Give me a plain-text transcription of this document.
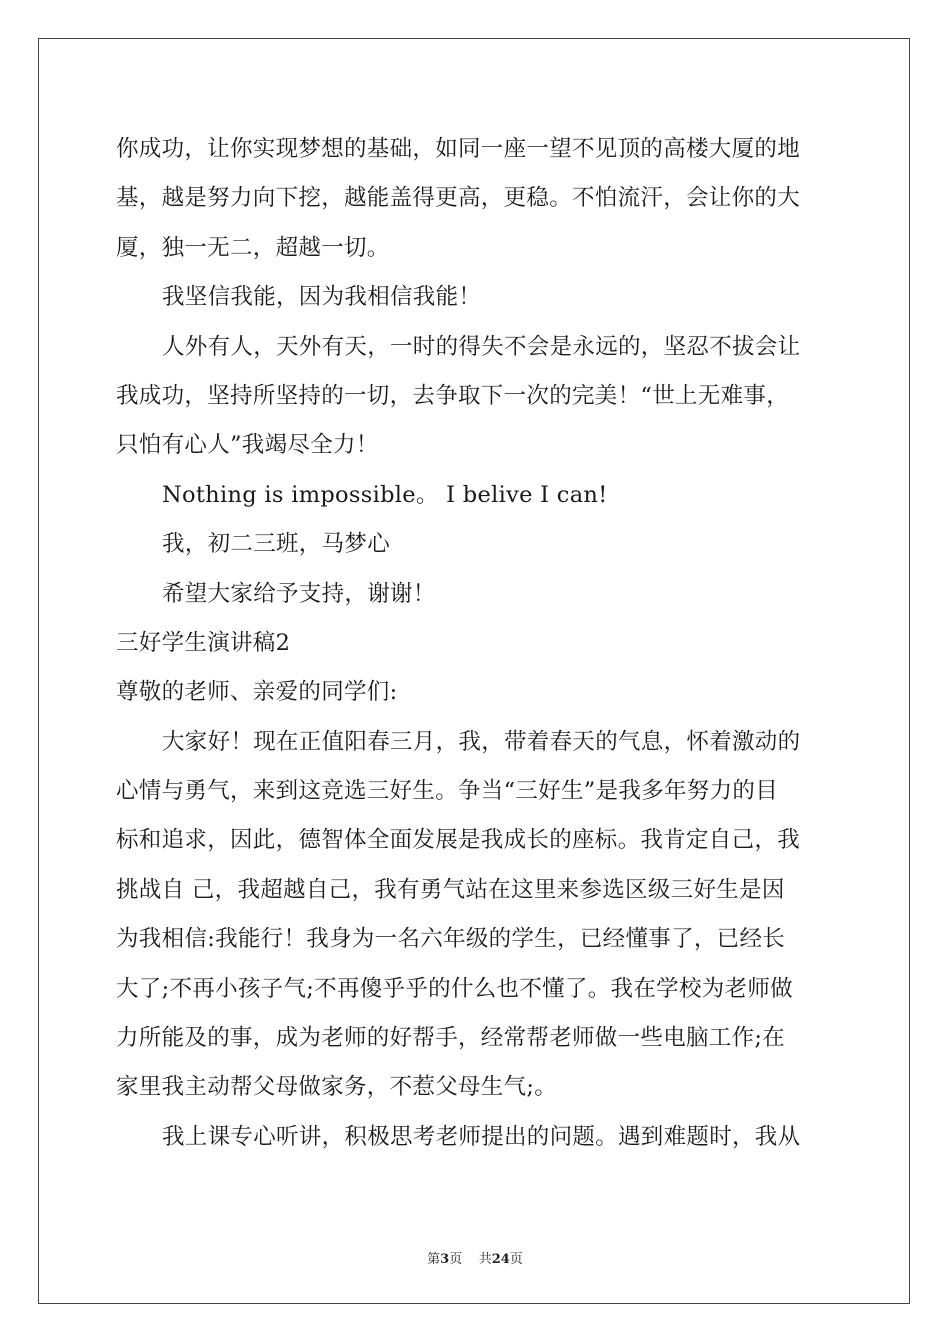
你成功，让你实现梦想的基础，如同一座一望不见顶的高楼大厦的地
基，越是努力向下挖，越能盖得更高，更稳。不怕流汗，会让你的大
厦，独一无二，超越一切。
我坚信我能，因为我相信我能！
人外有人，天外有天，一时的得失不会是永远的，坚忍不拔会让
我成功，坚持所坚持的一切，去争取下一次的完美！“世上无难事，
只怕有心人”我竭尽全力！
Nothing is impossible。 I belive I can!
我，初二三班，马梦心
希望大家给予支持，谢谢！
三好学生演讲稿2
尊敬的老师、亲爱的同学们:
大家好！现在正值阳春三月，我，带着春天的气息，怀着激动的
心情与勇气，来到这竞选三好生。争当“三好生”是我多年努力的目
标和追求，因此，德智体全面发展是我成长的座标。我肯定自己，我
挑战自 己，我超越自己，我有勇气站在这里来参选区级三好生是因
为我相信:我能行！我身为一名六年级的学生，已经懂事了，已经长
大了;不再小孩子气;不再傻乎乎的什么也不懂了。我在学校为老师做
力所能及的事，成为老师的好帮手，经常帮老师做一些电脑工作;在
家里我主动帮父母做家务，不惹父母生气;。
我上课专心听讲，积极思考老师提出的问题。遇到难题时，我从
第3页    共24页
